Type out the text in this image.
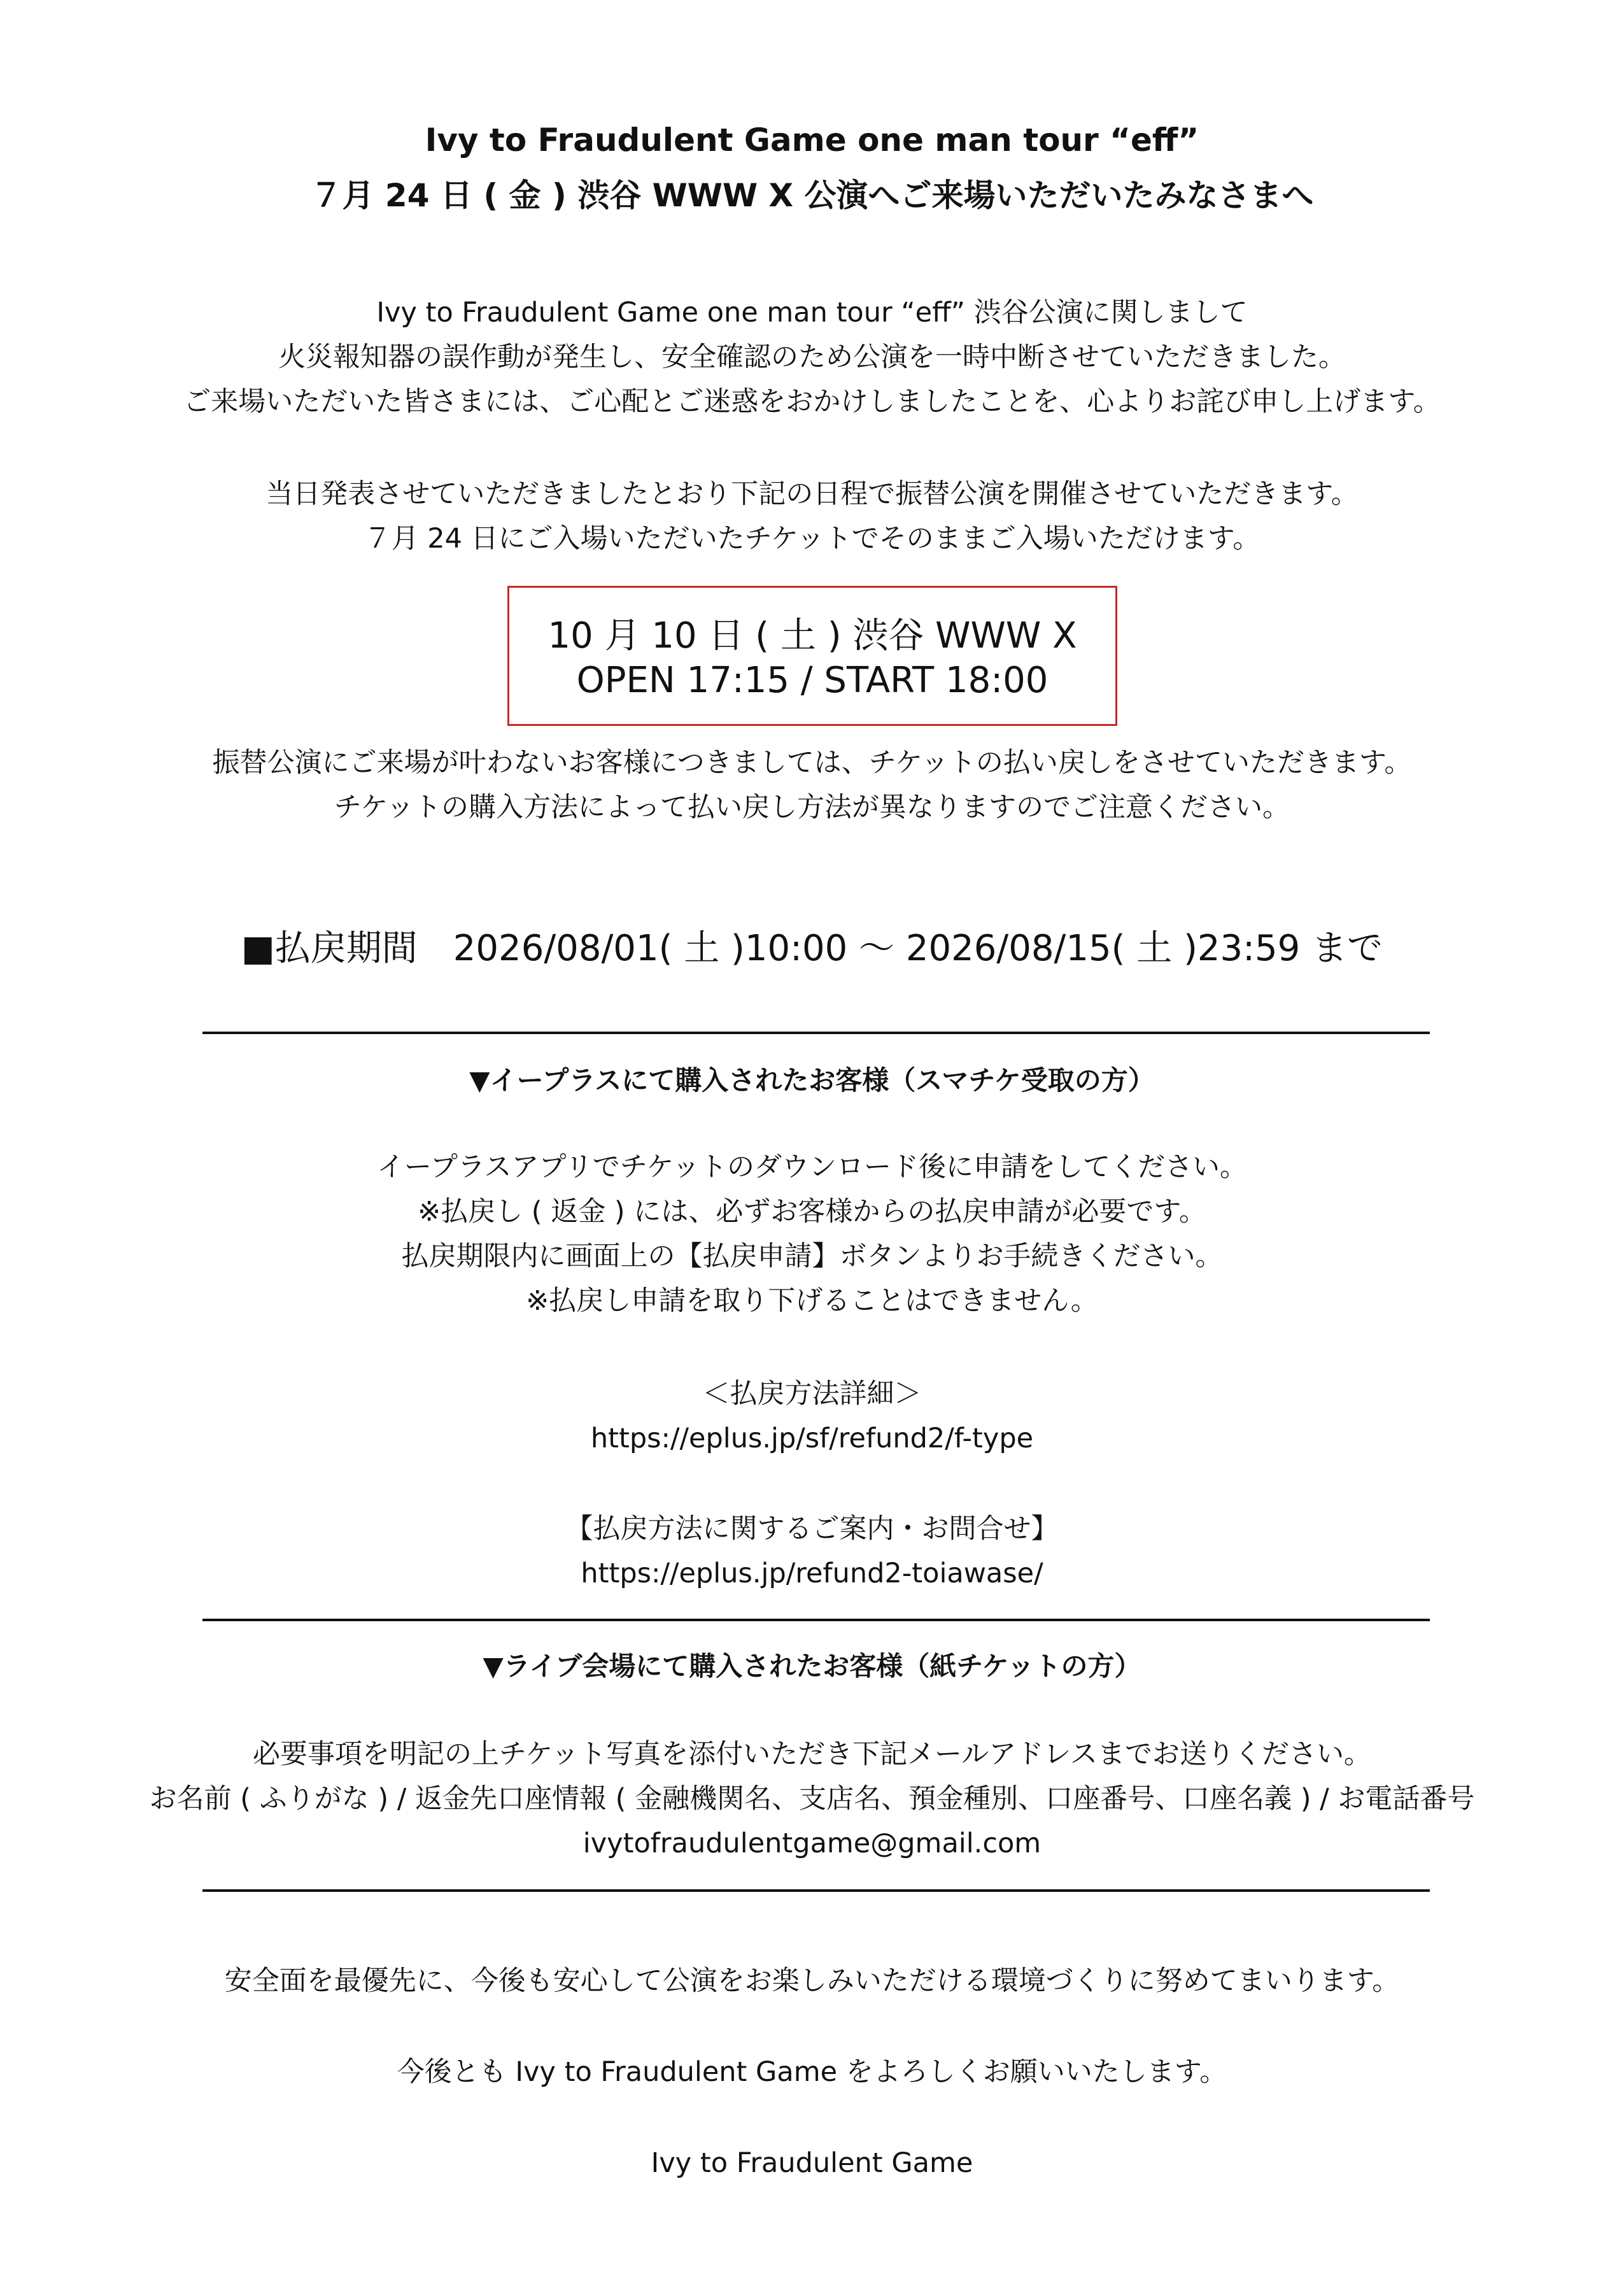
Ivy to Fraudulent Game one man tour “eff”
７月 24 日 ( 金 ) 渋谷 WWW X 公演へご来場いただいたみなさまへ
Ivy to Fraudulent Game one man tour “eff” 渋谷公演に関しまして
火災報知器の誤作動が発生し、安全確認のため公演を一時中断させていただきました。
ご来場いただいた皆さまには、ご心配とご迷惑をおかけしましたことを、心よりお詫び申し上げます。
当日発表させていただきましたとおり下記の日程で振替公演を開催させていただきます。
７月 24 日にご入場いただいたチケットでそのままご入場いただけます。
10 月 10 日 ( 土 ) 渋谷 WWW X
OPEN 17:15 / START 18:00
振替公演にご来場が叶わないお客様につきましては、チケットの払い戻しをさせていただきます。
チケットの購入方法によって払い戻し方法が異なりますのでご注意ください。
■払戻期間　2026/08/01( 土 )10:00 〜 2026/08/15( 土 )23:59 まで
▼イープラスにて購入されたお客様（スマチケ受取の方）
イープラスアプリでチケットのダウンロード後に申請をしてください。
※払戻し ( 返金 ) には、必ずお客様からの払戻申請が必要です。
払戻期限内に画面上の【払戻申請】ボタンよりお手続きください。
※払戻し申請を取り下げることはできません。
＜払戻方法詳細＞
https://eplus.jp/sf/refund2/f-type
【払戻方法に関するご案内・お問合せ】
https://eplus.jp/refund2-toiawase/
▼ライブ会場にて購入されたお客様（紙チケットの方）
必要事項を明記の上チケット写真を添付いただき下記メールアドレスまでお送りください。
お名前 ( ふりがな ) / 返金先口座情報 ( 金融機関名、支店名、預金種別、口座番号、口座名義 ) / お電話番号
ivytofraudulentgame@gmail.com
安全面を最優先に、今後も安心して公演をお楽しみいただける環境づくりに努めてまいります。
今後とも Ivy to Fraudulent Game をよろしくお願いいたします。
Ivy to Fraudulent Game
